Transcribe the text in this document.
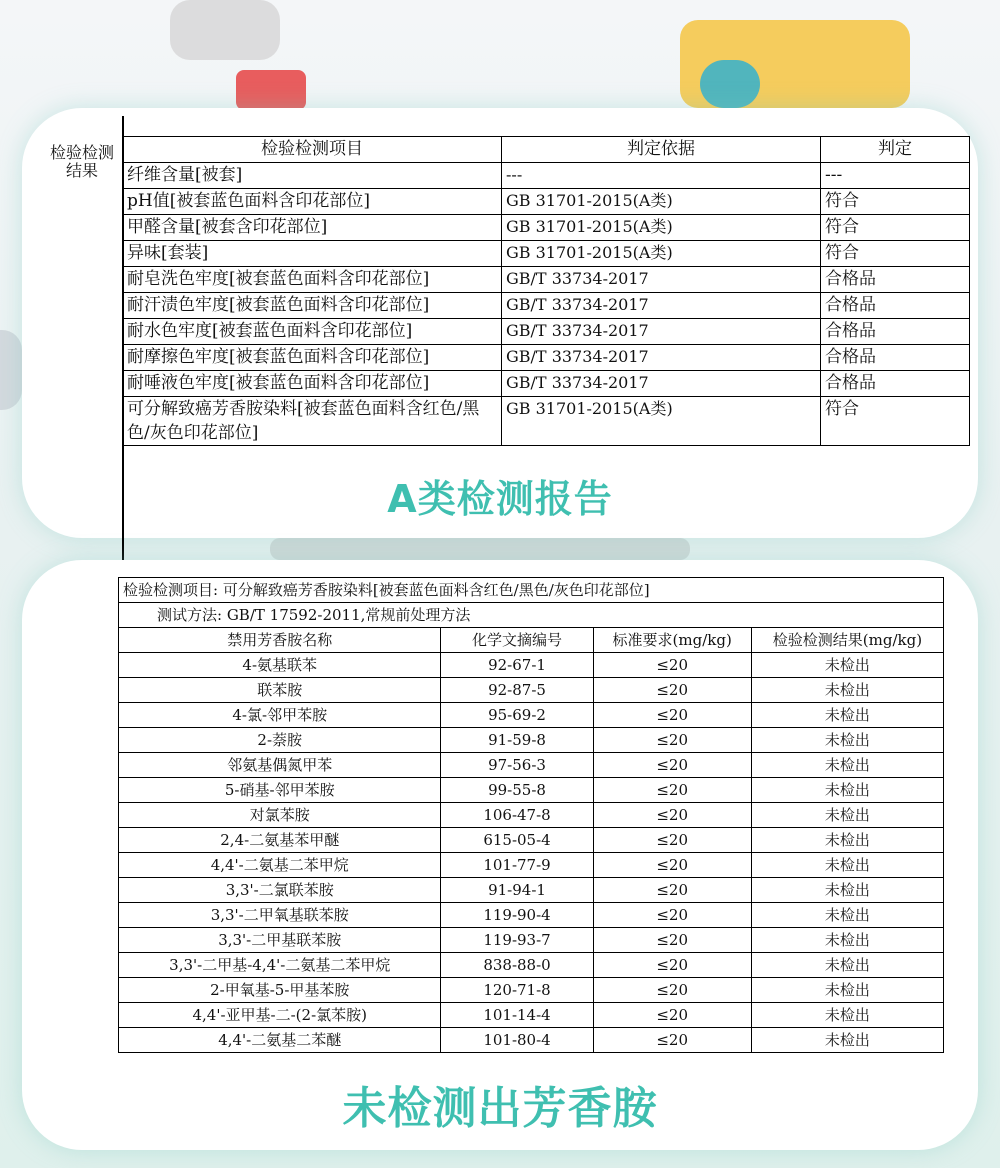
检验检测
结果
检验检测项目	判定依据	判定
纤维含量[被套]	---	---
pH值[被套蓝色面料含印花部位]	GB 31701-2015(A类)	符合
甲醛含量[被套含印花部位]	GB 31701-2015(A类)	符合
异味[套装]	GB 31701-2015(A类)	符合
耐皂洗色牢度[被套蓝色面料含印花部位]	GB/T 33734-2017	合格品
耐汗渍色牢度[被套蓝色面料含印花部位]	GB/T 33734-2017	合格品
耐水色牢度[被套蓝色面料含印花部位]	GB/T 33734-2017	合格品
耐摩擦色牢度[被套蓝色面料含印花部位]	GB/T 33734-2017	合格品
耐唾液色牢度[被套蓝色面料含印花部位]	GB/T 33734-2017	合格品
可分解致癌芳香胺染料[被套蓝色面料含红色/黑色/灰色印花部位]	GB 31701-2015(A类)	符合
A类检测报告
检验检测项目: 可分解致癌芳香胺染料[被套蓝色面料含红色/黑色/灰色印花部位]			
测试方法: GB/T 17592-2011,常规前处理方法			
禁用芳香胺名称	化学文摘编号	标准要求(mg/kg)	检验检测结果(mg/kg)
4-氨基联苯	92-67-1	≤20	未检出
联苯胺	92-87-5	≤20	未检出
4-氯-邻甲苯胺	95-69-2	≤20	未检出
2-萘胺	91-59-8	≤20	未检出
邻氨基偶氮甲苯	97-56-3	≤20	未检出
5-硝基-邻甲苯胺	99-55-8	≤20	未检出
对氯苯胺	106-47-8	≤20	未检出
2,4-二氨基苯甲醚	615-05-4	≤20	未检出
4,4'-二氨基二苯甲烷	101-77-9	≤20	未检出
3,3'-二氯联苯胺	91-94-1	≤20	未检出
3,3'-二甲氧基联苯胺	119-90-4	≤20	未检出
3,3'-二甲基联苯胺	119-93-7	≤20	未检出
3,3'-二甲基-4,4'-二氨基二苯甲烷	838-88-0	≤20	未检出
2-甲氧基-5-甲基苯胺	120-71-8	≤20	未检出
4,4'-亚甲基-二-(2-氯苯胺)	101-14-4	≤20	未检出
4,4'-二氨基二苯醚	101-80-4	≤20	未检出
未检测出芳香胺
